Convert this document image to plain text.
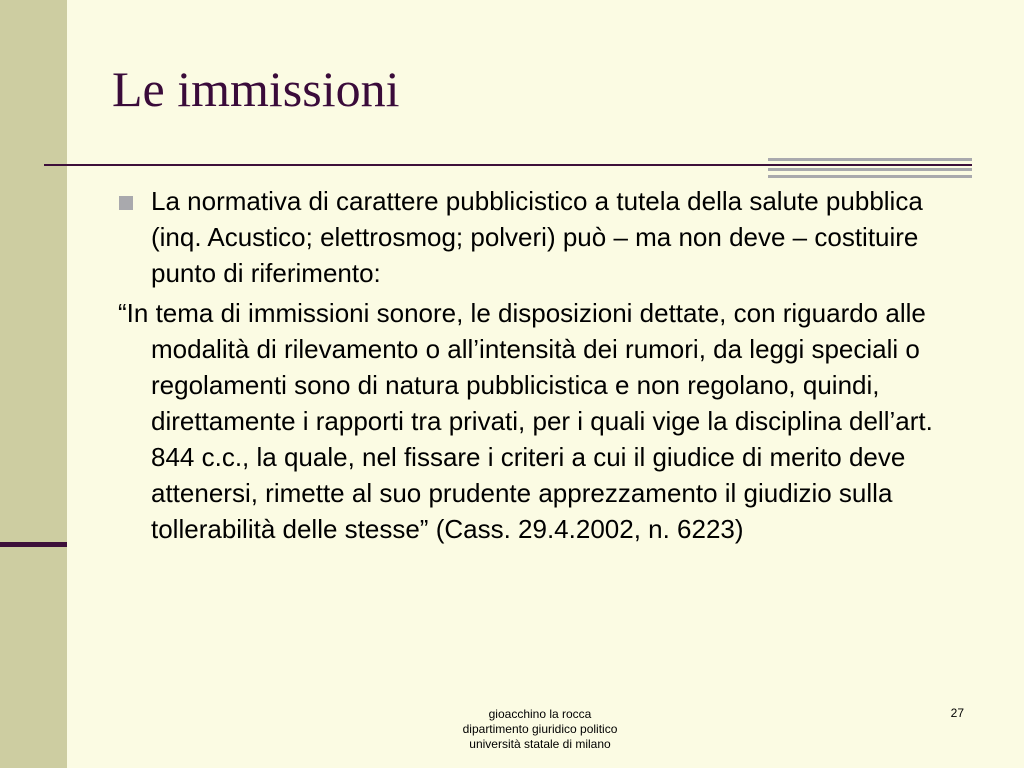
Le immissioni

La normativa di carattere pubblicistico a tutela della salute pubblica (inq. Acustico; elettrosmog; polveri) può – ma non deve – costituire punto di riferimento:

“In tema di immissioni sonore, le disposizioni dettate, con riguardo alle modalità di rilevamento o all’intensità dei rumori, da leggi speciali o regolamenti sono di natura pubblicistica e non regolano, quindi, direttamente i rapporti tra privati, per i quali vige la disciplina dell’art. 844 c.c., la quale, nel fissare i criteri a cui il giudice di merito deve attenersi, rimette al suo prudente apprezzamento il giudizio sulla tollerabilità delle stesse” (Cass. 29.4.2002, n. 6223)

gioacchino la rocca
dipartimento giuridico politico
università statale di milano
27
